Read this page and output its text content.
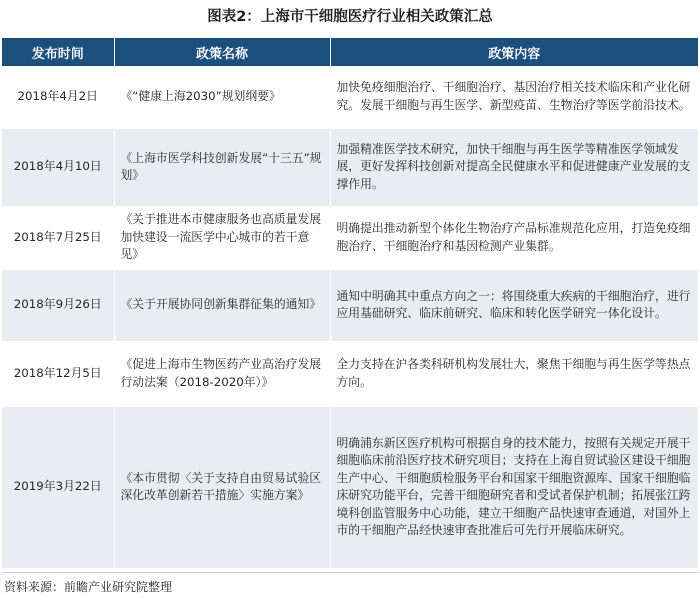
图表2：上海市干细胞医疗行业相关政策汇总
发布时间	政策名称	政策内容
2018年4月2日	《“健康上海2030”规划纲要》	加快免疫细胞治疗、干细胞治疗、基因治疗相关技术临床和产业化研究。发展干细胞与再生医学、新型疫苗、生物治疗等医学前沿技术。
2018年4月10日	《上海市医学科技创新发展“十三五”规划》	加强精准医学技术研究，加快干细胞与再生医学等精准医学领域发展，更好发挥科技创新对提高全民健康水平和促进健康产业发展的支撑作用。
2018年7月25日	《关于推进本市健康服务也高质量发展加快建设一流医学中心城市的若干意见》	明确提出推动新型个体化生物治疗产品标准规范化应用，打造免疫细胞治疗、干细胞治疗和基因检测产业集群。
2018年9月26日	《关于开展协同创新集群征集的通知》	通知中明确其中重点方向之一：将围绕重大疾病的干细胞治疗，进行应用基础研究、临床前研究、临床和转化医学研究一体化设计。
2018年12月5日	《促进上海市生物医药产业高治疗发展行动法案（2018-2020年）》	全力支持在沪各类科研机构发展壮大，聚焦干细胞与再生医学等热点方向。
2019年3月22日	《本市贯彻〈关于支持自由贸易试验区深化改革创新若干措施〉实施方案》	明确浦东新区医疗机构可根据自身的技术能力，按照有关规定开展干细胞临床前沿医疗技术研究项目；支持在上海自贸试验区建设干细胞生产中心、干细胞质检服务平台和国家干细胞资源库、国家干细胞临床研究功能平台，完善干细胞研究者和受试者保护机制；拓展张江跨境科创监管服务中心功能，建立干细胞产品快速审查通道，对国外上市的干细胞产品经快速审查批准后可先行开展临床研究。
资料来源：前瞻产业研究院整理
